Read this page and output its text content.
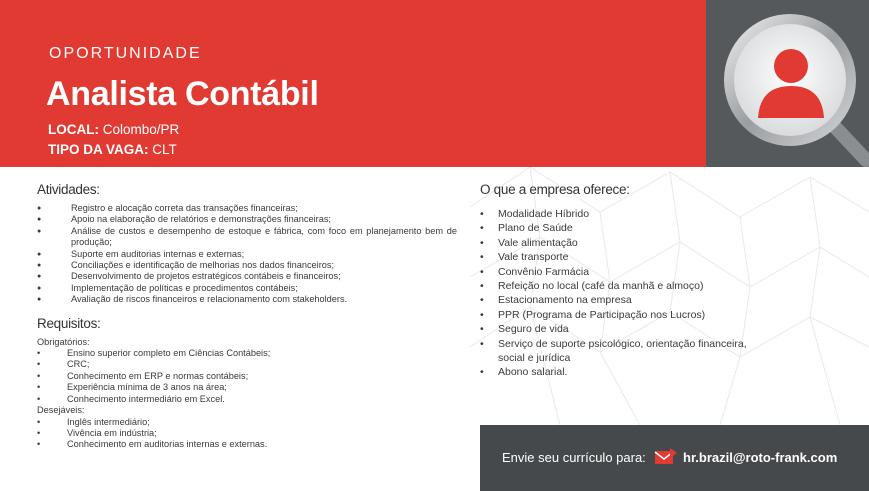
OPORTUNIDADE
Analista Contábil
LOCAL: Colombo/PR
TIPO DA VAGA: CLT
Atividades:
● Registro e alocação correta das transações financeiras;
● Apoio na elaboração de relatórios e demonstrações financeiras;
● Análise de custos e desempenho de estoque e fábrica, com foco em planejamento bem de produção;
● Suporte em auditorias internas e externas;
● Conciliações e identificação de melhorias nos dados financeiros;
● Desenvolvimento de projetos estratégicos contábeis e financeiros;
● Implementação de políticas e procedimentos contábeis;
● Avaliação de riscos financeiros e relacionamento com stakeholders.
Requisitos:
Obrigatórios:
• Ensino superior completo em Ciências Contábeis;
• CRC;
• Conhecimento em ERP e normas contábeis;
• Experiência mínima de 3 anos na área;
• Conhecimento intermediário em Excel.
Desejáveis:
• Inglês intermediário;
• Vivência em indústria;
• Conhecimento em auditorias internas e externas.
O que a empresa oferece:
• Modalidade Híbrido
• Plano de Saúde
• Vale alimentação
• Vale transporte
• Convênio Farmácia
• Refeição no local (café da manhã e almoço)
• Estacionamento na empresa
• PPR (Programa de Participação nos Lucros)
• Seguro de vida
• Serviço de suporte psicológico, orientação financeira, social e jurídica
• Abono salarial.
Envie seu currículo para:	hr.brazil@roto-frank.com
